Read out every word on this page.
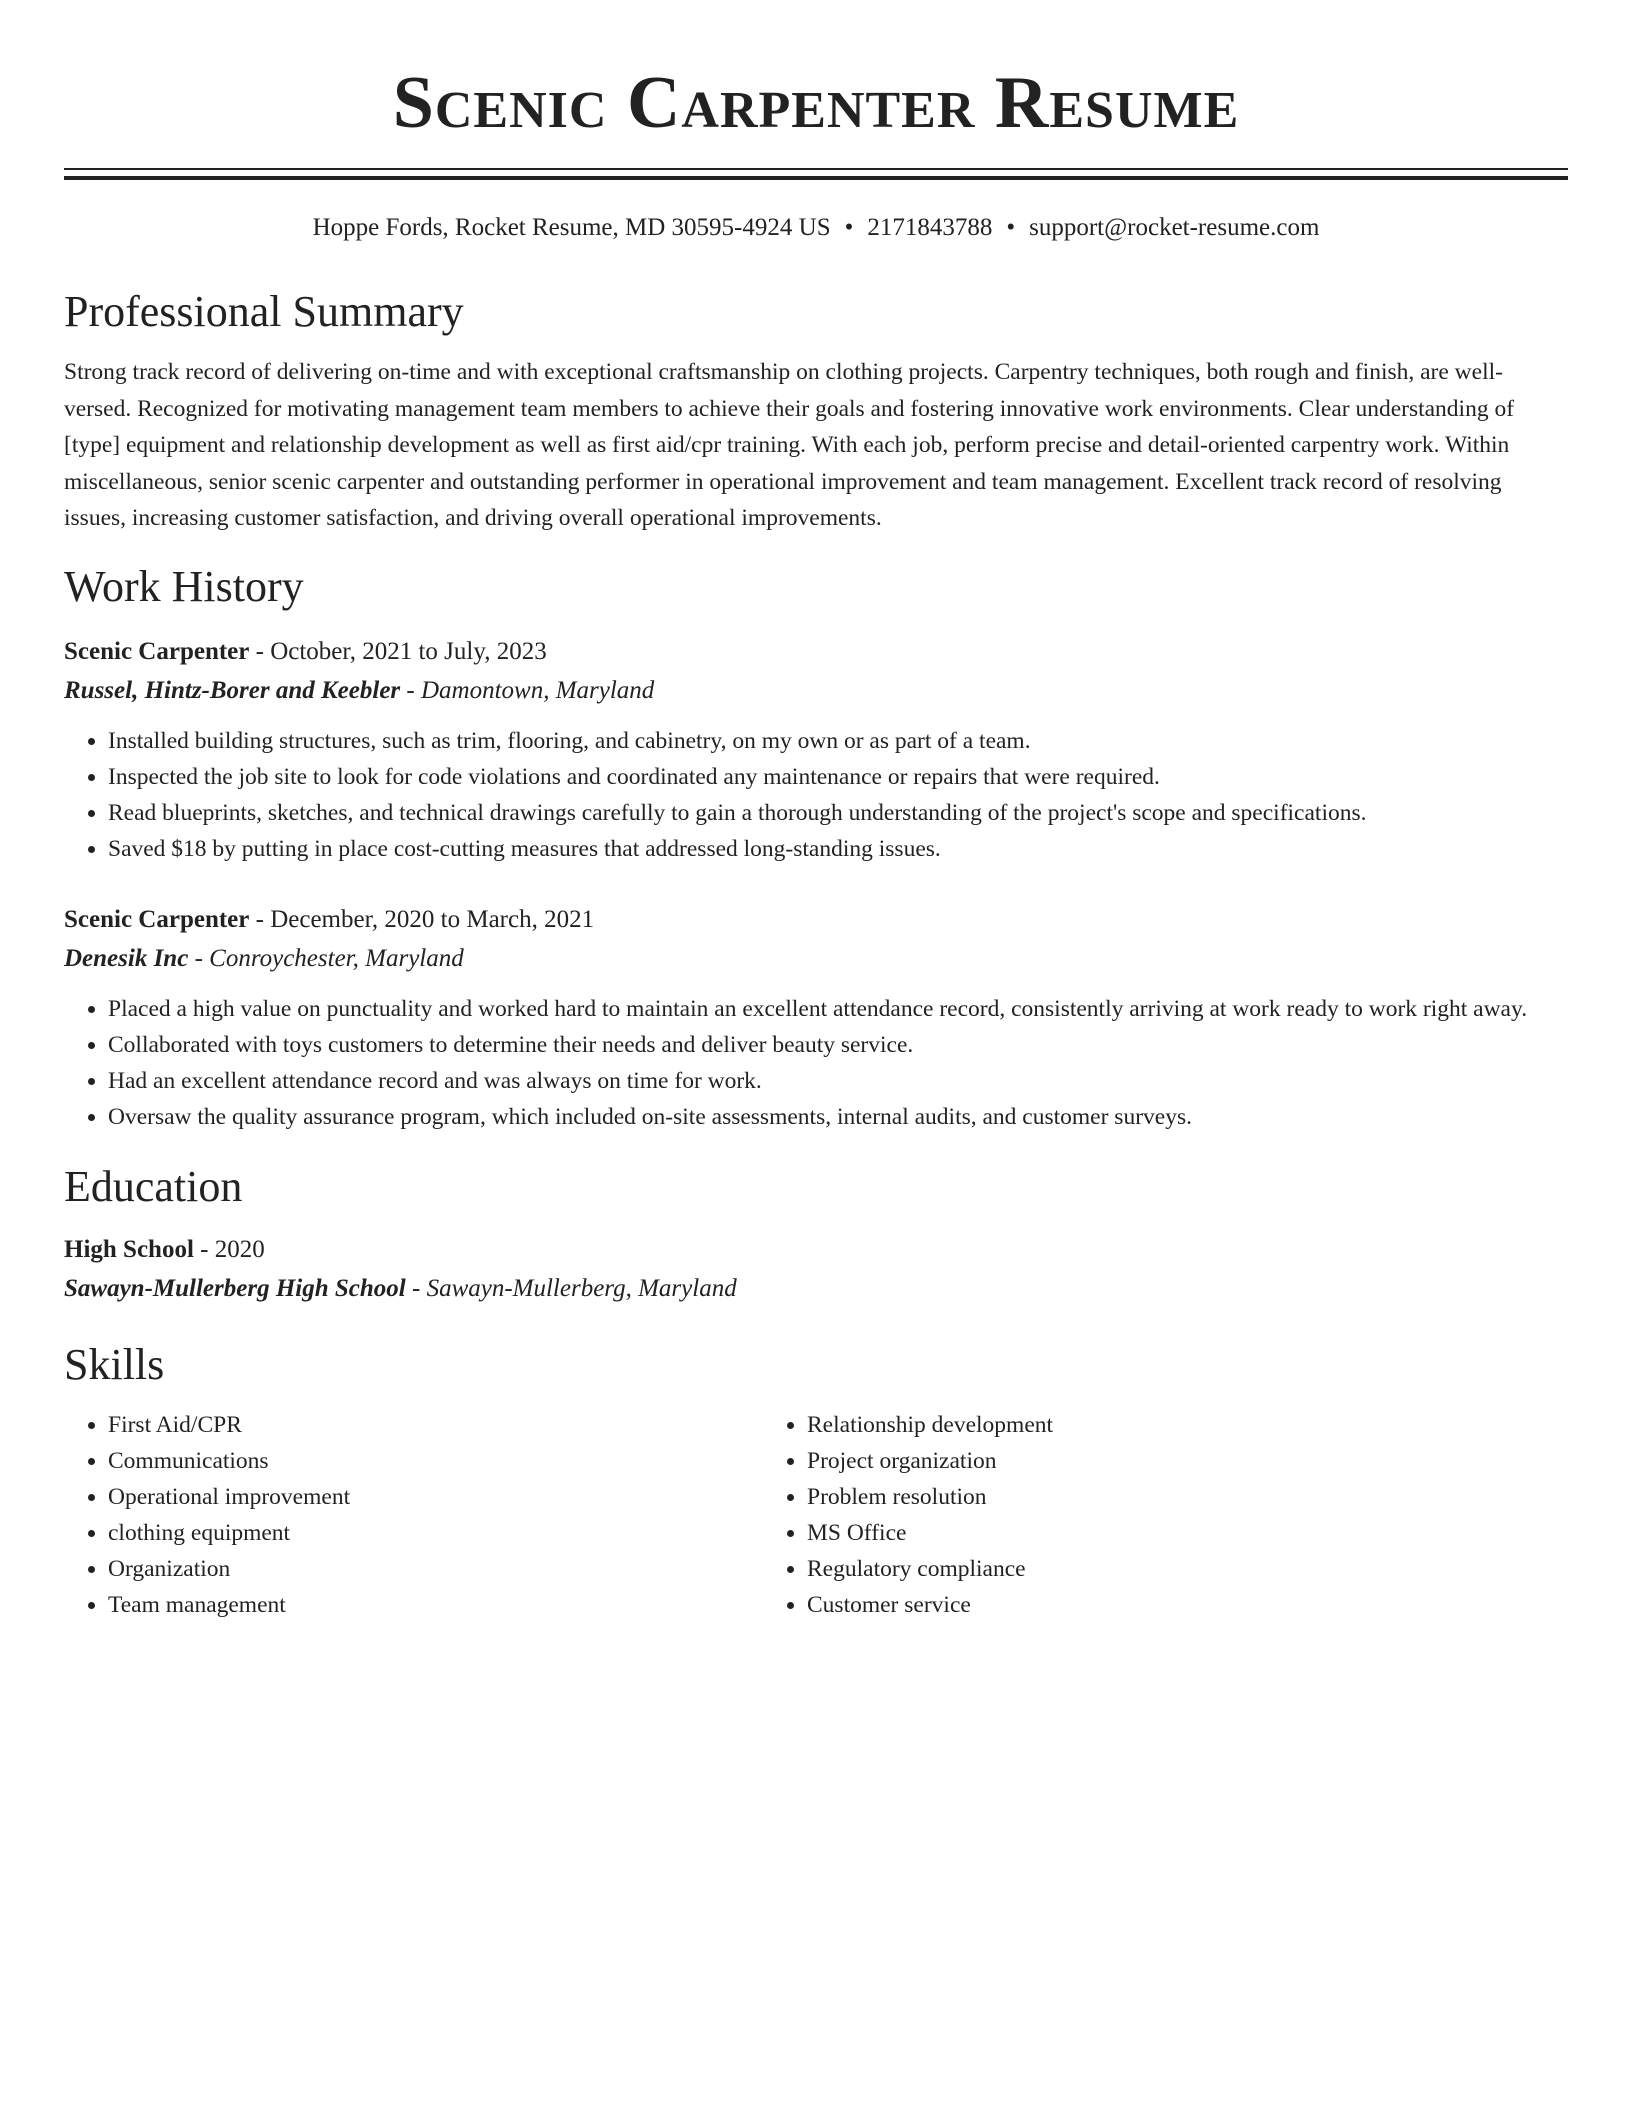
Scenic Carpenter Resume
Hoppe Fords, Rocket Resume, MD 30595-4924 US • 2171843788 • support@rocket-resume.com
Professional Summary
Strong track record of delivering on-time and with exceptional craftsmanship on clothing projects. Carpentry techniques, both rough and finish, are well-versed. Recognized for motivating management team members to achieve their goals and fostering innovative work environments. Clear understanding of [type] equipment and relationship development as well as first aid/cpr training. With each job, perform precise and detail-oriented carpentry work. Within miscellaneous, senior scenic carpenter and outstanding performer in operational improvement and team management. Excellent track record of resolving issues, increasing customer satisfaction, and driving overall operational improvements.
Work History
Scenic Carpenter - October, 2021 to July, 2023
Russel, Hintz-Borer and Keebler - Damontown, Maryland
• Installed building structures, such as trim, flooring, and cabinetry, on my own or as part of a team.
• Inspected the job site to look for code violations and coordinated any maintenance or repairs that were required.
• Read blueprints, sketches, and technical drawings carefully to gain a thorough understanding of the project's scope and specifications.
• Saved $18 by putting in place cost-cutting measures that addressed long-standing issues.
Scenic Carpenter - December, 2020 to March, 2021
Denesik Inc - Conroychester, Maryland
• Placed a high value on punctuality and worked hard to maintain an excellent attendance record, consistently arriving at work ready to work right away.
• Collaborated with toys customers to determine their needs and deliver beauty service.
• Had an excellent attendance record and was always on time for work.
• Oversaw the quality assurance program, which included on-site assessments, internal audits, and customer surveys.
Education
High School - 2020
Sawayn-Mullerberg High School - Sawayn-Mullerberg, Maryland
Skills
• First Aid/CPR
• Communications
• Operational improvement
• clothing equipment
• Organization
• Team management
• Relationship development
• Project organization
• Problem resolution
• MS Office
• Regulatory compliance
• Customer service
